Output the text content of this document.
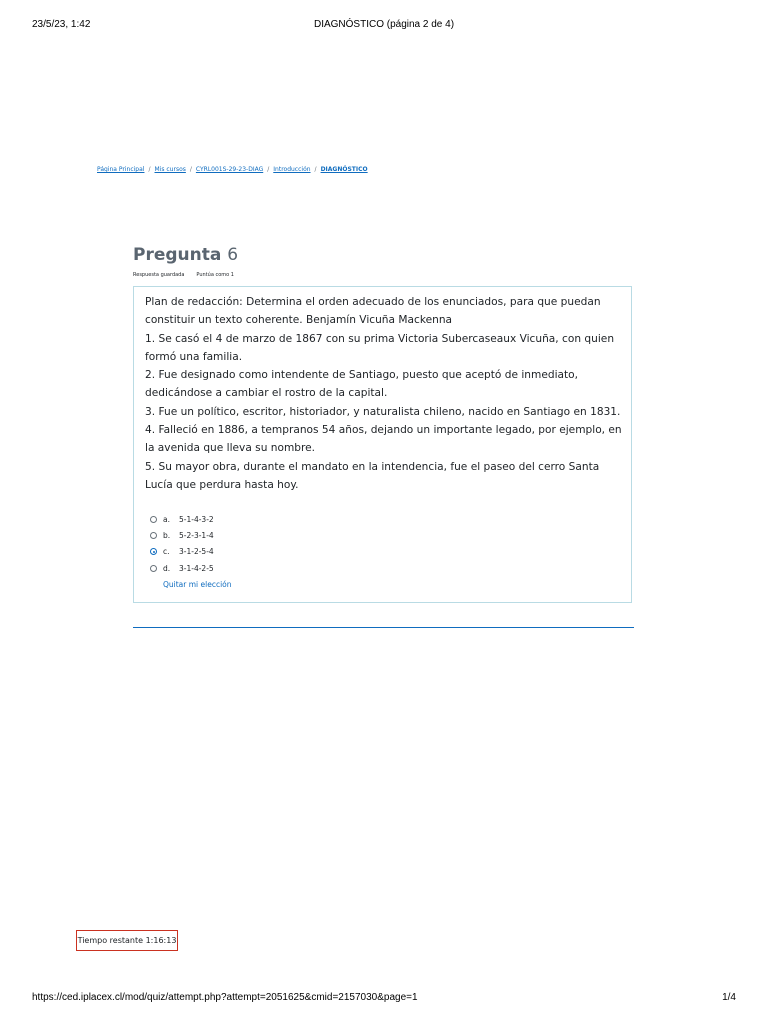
23/5/23, 1:42	DIAGNÓSTICO (página 2 de 4)
Página Principal / Mis cursos / CYRL001S-29-23-DIAG / Introducción / DIAGNÓSTICO
Pregunta 6
Respuesta guardada Puntúa como 1

Plan de redacción: Determina el orden adecuado de los enunciados, para que puedan constituir un texto coherente. Benjamín Vicuña Mackenna

1. Se casó el 4 de marzo de 1867 con su prima Victoria Subercaseaux Vicuña, con quien formó una familia.

2. Fue designado como intendente de Santiago, puesto que aceptó de inmediato, dedicándose a cambiar el rostro de la capital.

3. Fue un político, escritor, historiador, y naturalista chileno, nacido en Santiago en 1831.

4. Falleció en 1886, a tempranos 54 años, dejando un importante legado, por ejemplo, en la avenida que lleva su nombre.

5. Su mayor obra, durante el mandato en la intendencia, fue el paseo del cerro Santa Lucía que perdura hasta hoy.

a.	5-1-4-3-2
b.	5-2-3-1-4
c.	3-1-2-5-4
d.	3-1-4-2-5
Quitar mi elección
Tiempo restante 1:16:13
https://ced.iplacex.cl/mod/quiz/attempt.php?attempt=2051625&cmid=2157030&page=1	1/4
